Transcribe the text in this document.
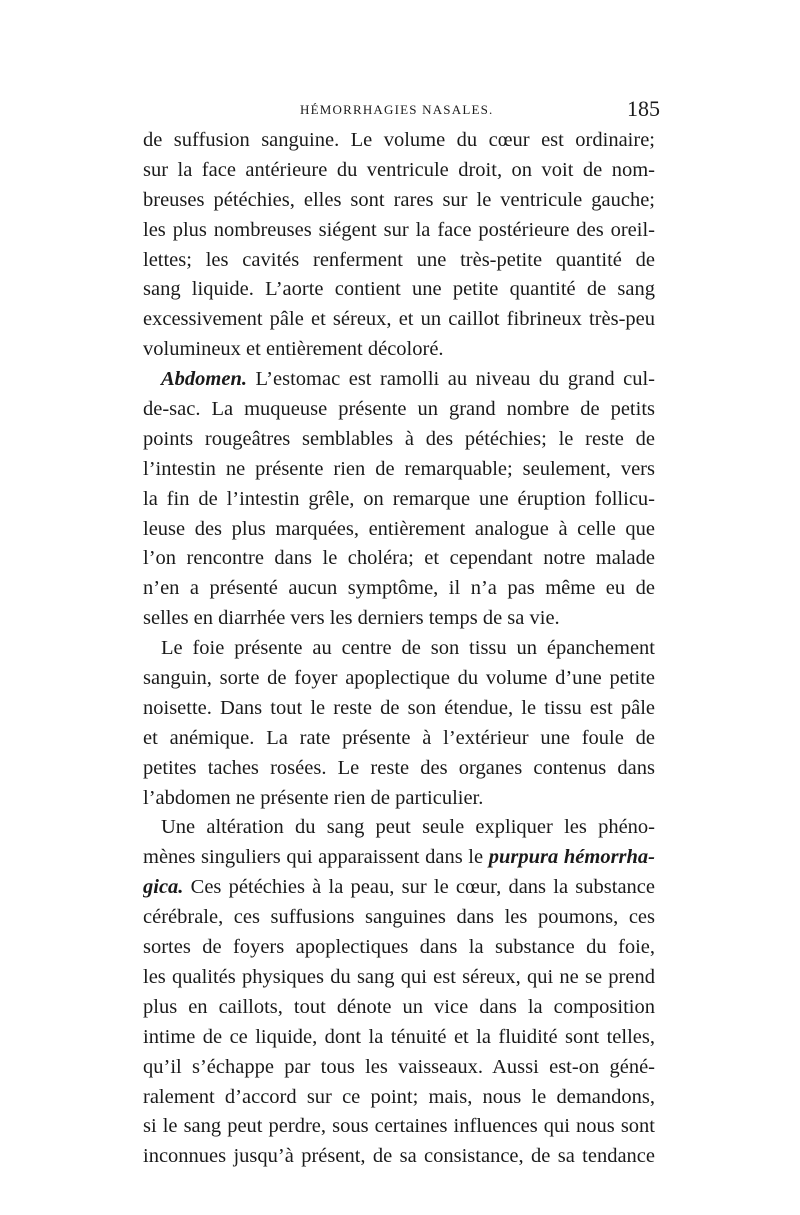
HÉMORRHAGIES NASALES.	185
de suffusion sanguine. Le volume du cœur est ordinaire;
sur la face antérieure du ventricule droit, on voit de nom-
breuses pétéchies, elles sont rares sur le ventricule gauche;
les plus nombreuses siégent sur la face postérieure des oreil-
lettes; les cavités renferment une très-petite quantité de
sang liquide. L’aorte contient une petite quantité de sang
excessivement pâle et séreux, et un caillot fibrineux très-peu
volumineux et entièrement décoloré.
Abdomen. L’estomac est ramolli au niveau du grand cul-
de-sac. La muqueuse présente un grand nombre de petits
points rougeâtres semblables à des pétéchies; le reste de
l’intestin ne présente rien de remarquable; seulement, vers
la fin de l’intestin grêle, on remarque une éruption follicu-
leuse des plus marquées, entièrement analogue à celle que
l’on rencontre dans le choléra; et cependant notre malade
n’en a présenté aucun symptôme, il n’a pas même eu de
selles en diarrhée vers les derniers temps de sa vie.
Le foie présente au centre de son tissu un épanchement
sanguin, sorte de foyer apoplectique du volume d’une petite
noisette. Dans tout le reste de son étendue, le tissu est pâle
et anémique. La rate présente à l’extérieur une foule de
petites taches rosées. Le reste des organes contenus dans
l’abdomen ne présente rien de particulier.
Une altération du sang peut seule expliquer les phéno-
mènes singuliers qui apparaissent dans le purpura hémorrha-
gica. Ces pétéchies à la peau, sur le cœur, dans la substance
cérébrale, ces suffusions sanguines dans les poumons, ces
sortes de foyers apoplectiques dans la substance du foie,
les qualités physiques du sang qui est séreux, qui ne se prend
plus en caillots, tout dénote un vice dans la composition
intime de ce liquide, dont la ténuité et la fluidité sont telles,
qu’il s’échappe par tous les vaisseaux. Aussi est-on géné-
ralement d’accord sur ce point; mais, nous le demandons,
si le sang peut perdre, sous certaines influences qui nous sont
inconnues jusqu’à présent, de sa consistance, de sa tendance
